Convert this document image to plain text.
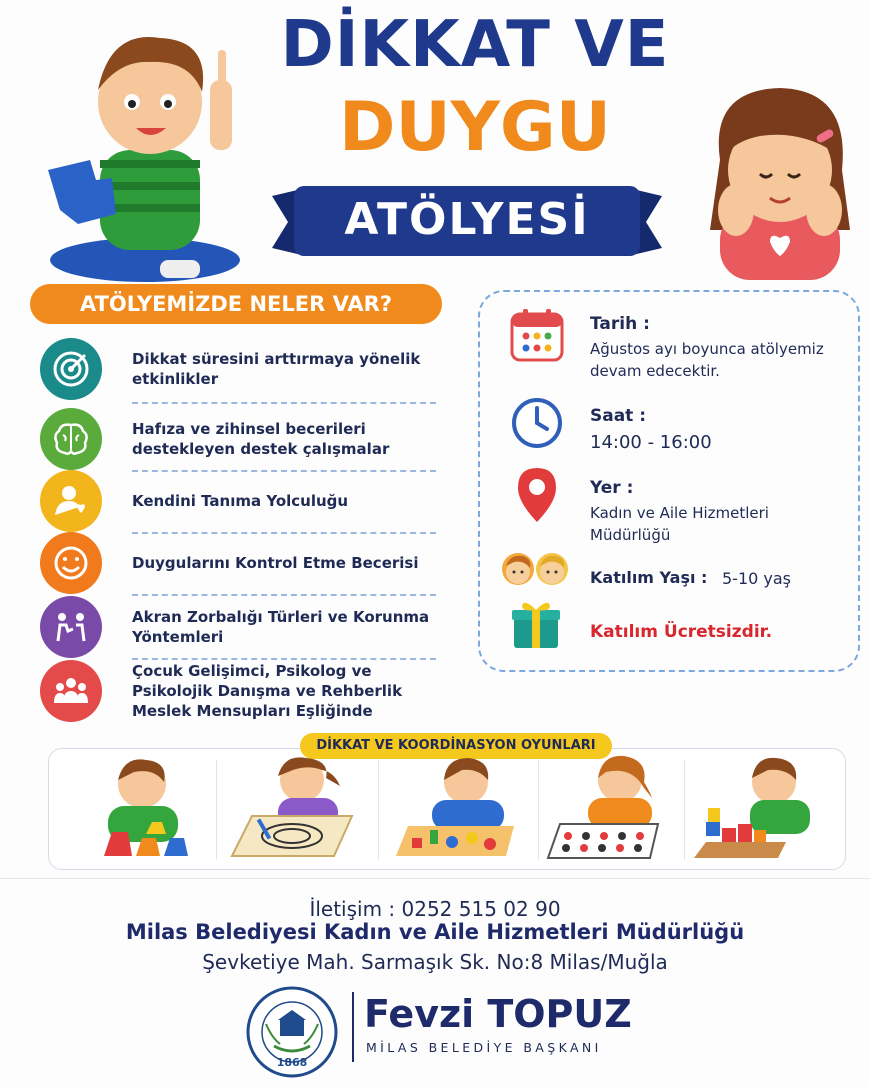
DİKKAT VE
DUYGU
ATÖLYESİ
ATÖLYEMİZDE NELER VAR?
Dikkat süresini arttırmaya yönelik etkinlikler
Hafıza ve zihinsel becerileri destekleyen destek çalışmalar
Kendini Tanıma Yolculuğu
Duygularını Kontrol Etme Becerisi
Akran Zorbalığı Türleri ve Korunma Yöntemleri
Çocuk Gelişimci, Psikolog ve Psikolojik Danışma ve Rehberlik Meslek Mensupları Eşliğinde
Tarih :
Ağustos ayı boyunca atölyemiz devam edecektir.
Saat :
14:00 - 16:00
Yer :
Kadın ve Aile Hizmetleri Müdürlüğü
Katılım Yaşı : 5-10 yaş
Katılım Ücretsizdir.
DİKKAT VE KOORDİNASYON OYUNLARI
İletişim : 0252 515 02 90
Milas Belediyesi Kadın ve Aile Hizmetleri Müdürlüğü
Şevketiye Mah. Sarmaşık Sk. No:8 Milas/Muğla
1868
Fevzi TOPUZ
MİLAS BELEDİYE BAŞKANI
